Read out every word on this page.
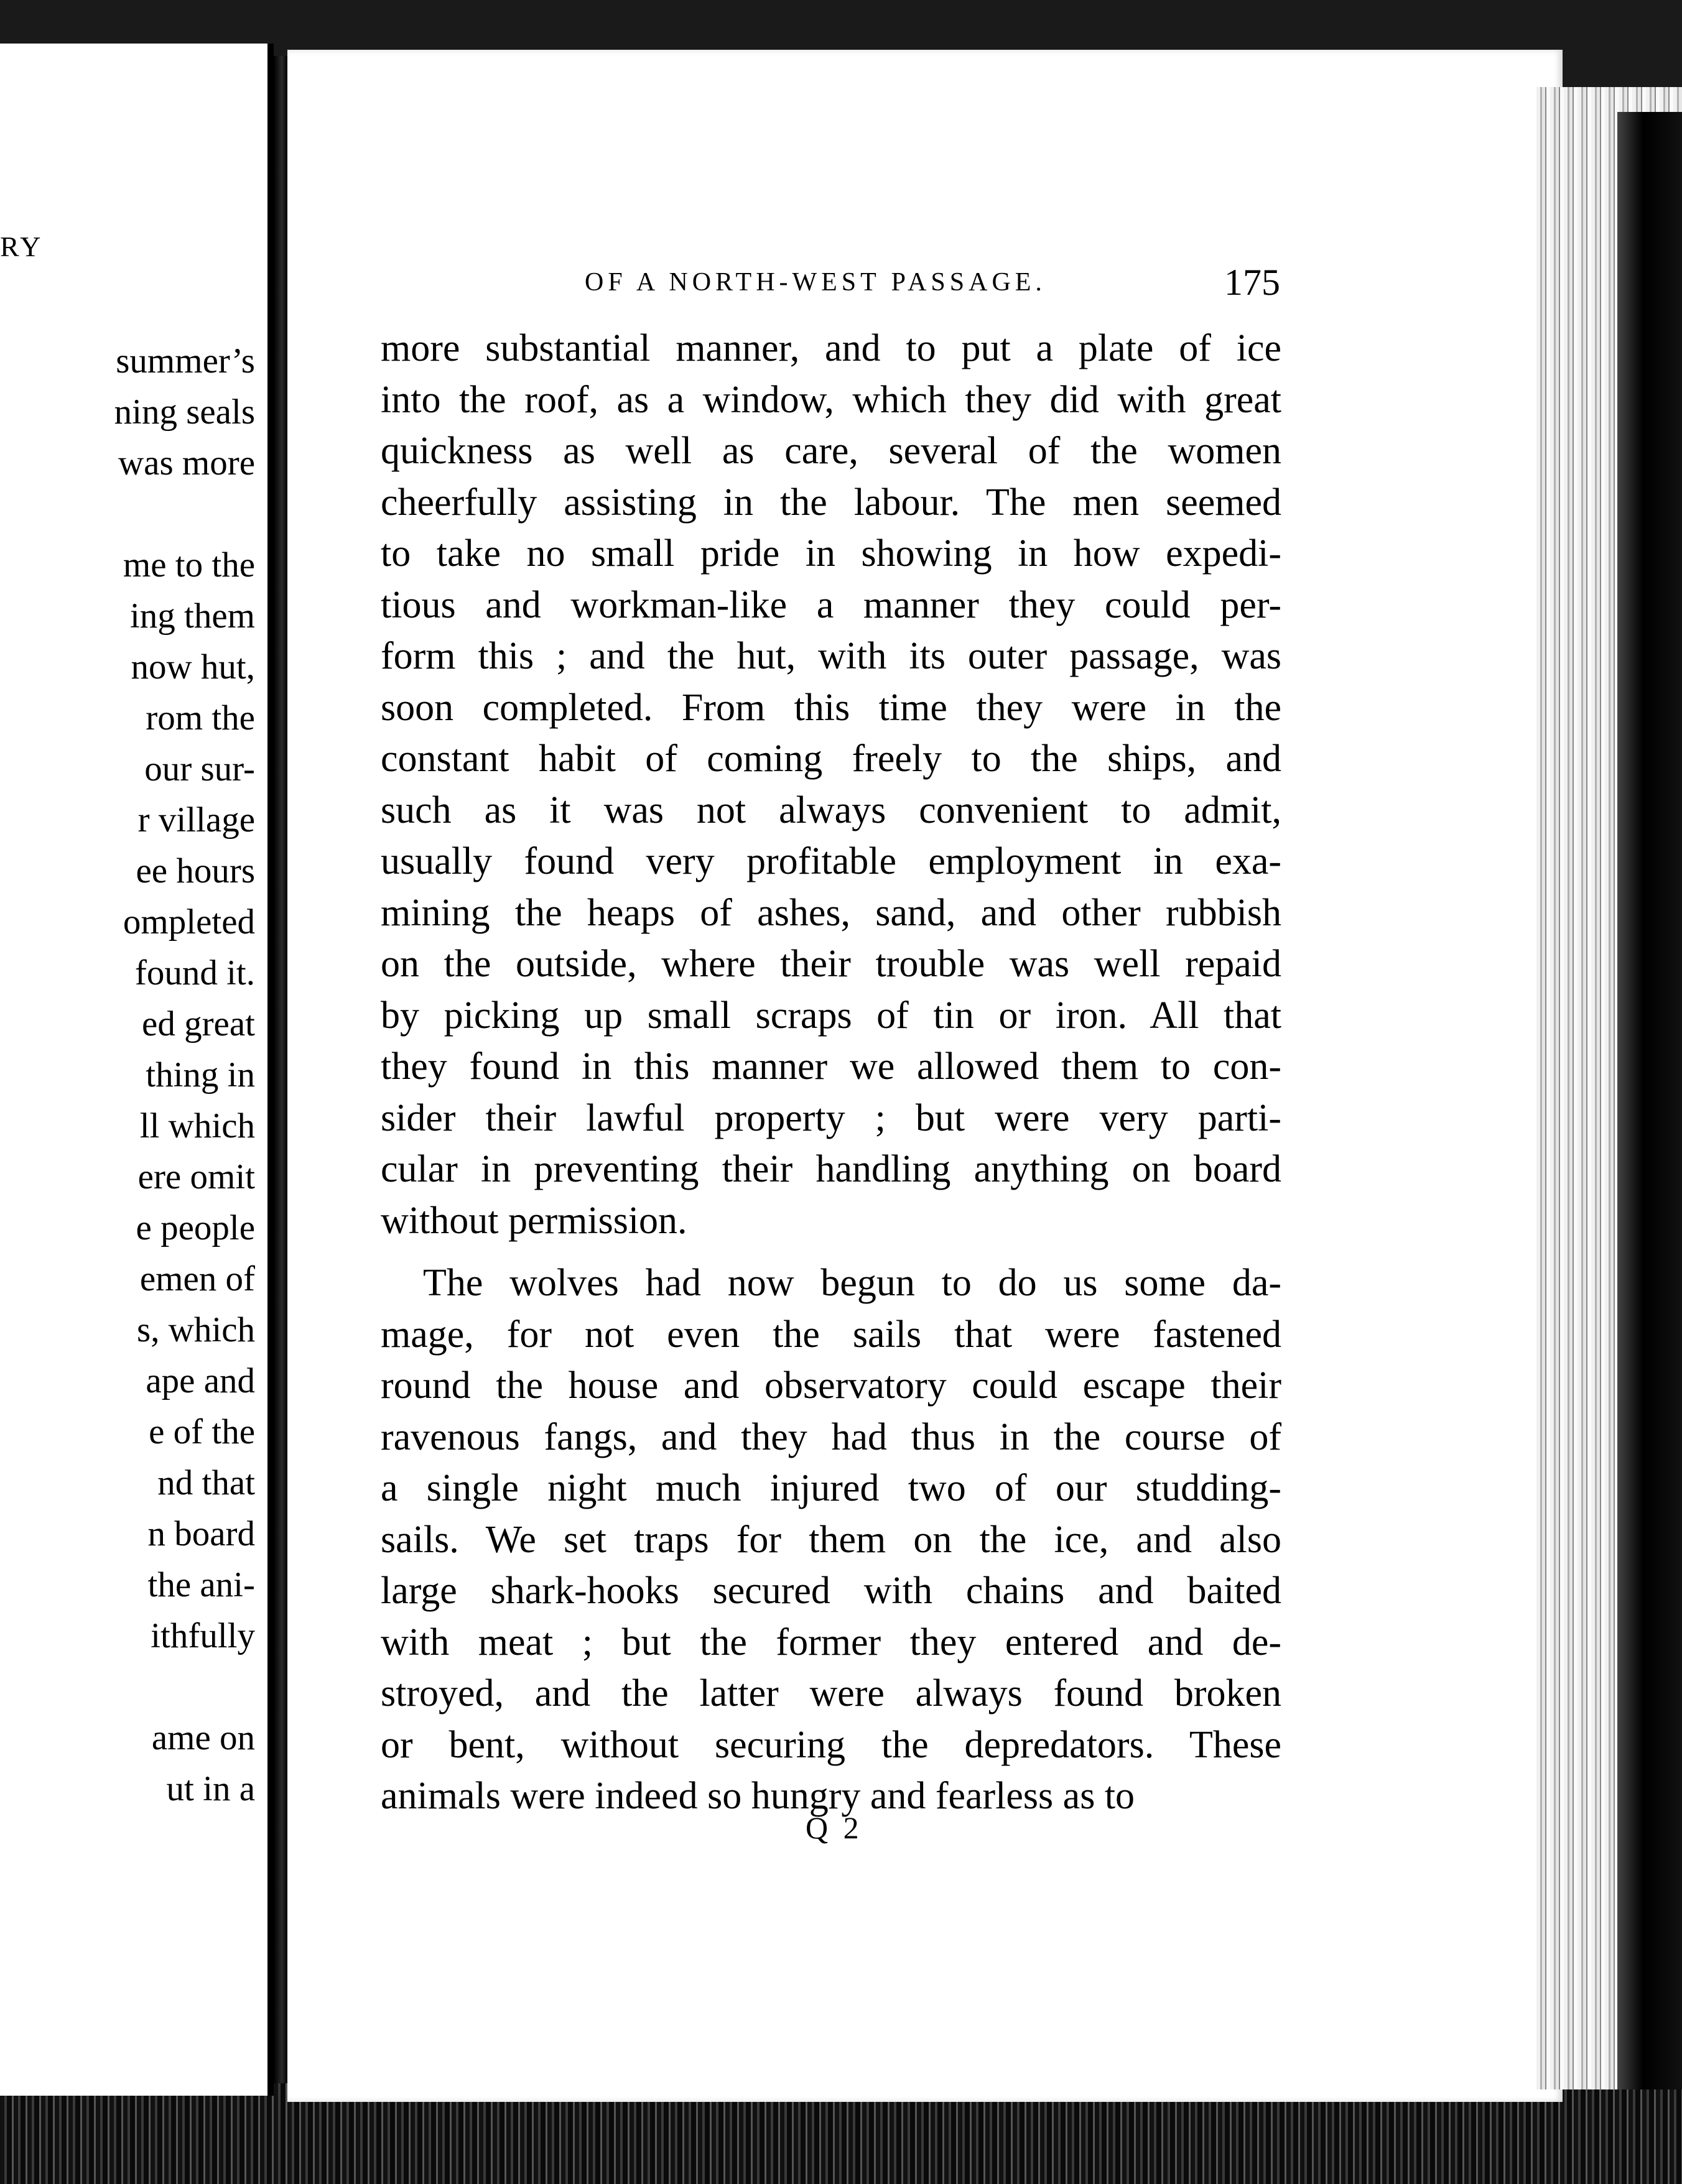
RY
summer’s
ning seals
was more
me to the
ing them
now hut,
rom the
our sur-
r village
ee hours
ompleted
found it.
ed great
thing in
ll which
ere omit
e people
emen of
s, which
ape and
e of the
nd that
n board
the ani-
ithfully
ame on
ut in a
OF A NORTH-WEST PASSAGE.	175
more substantial manner, and to put a plate of ice
into the roof, as a window, which they did with great
quickness as well as care, several of the women
cheerfully assisting in the labour. The men seemed
to take no small pride in showing in how expedi-
tious and workman-like a manner they could per-
form this ; and the hut, with its outer passage, was
soon completed. From this time they were in the
constant habit of coming freely to the ships, and
such as it was not always convenient to admit,
usually found very profitable employment in exa-
mining the heaps of ashes, sand, and other rubbish
on the outside, where their trouble was well repaid
by picking up small scraps of tin or iron. All that
they found in this manner we allowed them to con-
sider their lawful property ; but were very parti-
cular in preventing their handling anything on board
without permission.
The wolves had now begun to do us some da-
mage, for not even the sails that were fastened
round the house and observatory could escape their
ravenous fangs, and they had thus in the course of
a single night much injured two of our studding-
sails. We set traps for them on the ice, and also
large shark-hooks secured with chains and baited
with meat ; but the former they entered and de-
stroyed, and the latter were always found broken
or bent, without securing the depredators. These
animals were indeed so hungry and fearless as to
Q 2
